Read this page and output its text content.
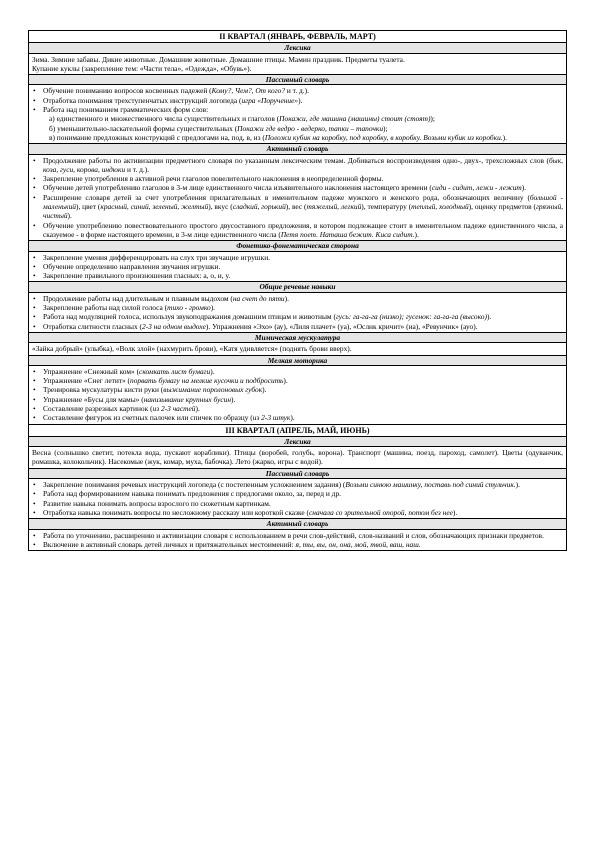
II КВАРТАЛ (ЯНВАРЬ, ФЕВРАЛЬ, МАРТ)
Лексика

Зима. Зимние забавы. Дикие животные. Домашние животные. Домашние птицы. Мамин праздник. Предметы туалета.
Купание куклы (закрепление тем: «Части тела», «Одежда», «Обувь»).

Пассивный словарь

• Обучение пониманию вопросов косвенных падежей (Кому?, Чем?, От кого? и т. д.).
• Отработка понимания трехступенчатых инструкций логопеда (игра «Поручение»).
• Работа над пониманием грамматических форм слов:
а) единственного и множественного числа существительных и глаголов (Покажи, где машина (машины) стоит (стоят));
б) уменьшительно-ласкательной формы существительных (Покажи где ведро - ведерко, тапки – тапочки);
в) понимание предложных конструкций с предлогами на, под, в, из (Положи кубик на коробку, под коробку, в коробку. Возьми кубик из коробки.).

Активный словарь

• Продолжение работы по активизации предметного словаря по указанным лексическим темам. Добиваться воспроизведения одно-, двух-, трехсложных слов (бык, коза, гуси, корова, индюки и т. д.).
• Закрепление употребления в активной речи глаголов повелительного наклонения в неопределенной формы.
• Обучение детей употреблению глаголов в 3-м лице единственного числа изъявительного наклонения настоящего времени (сиди - сидит, лежи - лежит).
• Расширение словаря детей за счет употребления прилагательных в именительном падеже мужского и женского рода, обозначающих величину (большой - маленький), цвет (красный, синий, зеленый, желтый), вкус (сладкий, горький), вес (тяжелый, легкий), температуру (теплый, холодный), оценку предметов (грязный, чистый).
• Обучение употреблению повествовательного простого двусоставного предложения, в котором подлежащее стоит в именительном падеже единственного числа, а сказуемое - в форме настоящего времени, в 3-м лице единственного числа (Петя поет. Наташа бежит. Киса сидит.).

Фонетико-фонематическая сторона

• Закрепление умения дифференцировать на слух три звучащие игрушки.
• Обучение определению направления звучания игрушки.
• Закрепление правильного произношения гласных: а, о, и, у.

Общие речевые навыки

• Продолжение работы над длительным и плавным выдохом (на счет до пяти).
• Закрепление работы над силой голоса (тихо - громко).
• Работа над модуляцией голоса, используя звукоподражания домашним птицам и животным (гусь: га-га-га (низко); гусенок: га-га-га (высоко)).
• Отработка слитности гласных (2-3 на одном выдохе). Упражнения «Эхо» (ау), «Лиля плачет» (уа), «Ослик кричит» (иа), «Ревунчик» (ауо).

Мимическая мускулатура

«Зайка добрый» (улыбка), «Волк злой» (нахмурить брови), «Катя удивляется» (поднять брови вверх).

Мелкая моторика

• Упражнение «Снежный ком» (скомкать лист бумаги).
• Упражнение «Снег летит» (порвать бумагу на мелкие кусочки и подбросить).
• Тренировка мускулатуры кисти руки (выжимание поролоновых губок).
• Упражнение «Бусы для мамы» (нанизывание крупных бусин).
• Составление разрезных картинок (из 2-3 частей).
• Составление фигурок из счетных палочек или спичек по образцу (из 2-3 штук).

III КВАРТАЛ (АПРЕЛЬ, МАЙ, ИЮНЬ)
Лексика

Весна (солнышко светит, потекла вода, пускают кораблики). Птицы (воробей, голубь, ворона). Транспорт (машина, поезд, пароход, самолет). Цветы (одуванчик, ромашка, колокольчик). Насекомые (жук, комар, муха, бабочка). Лето (жарко, игры с водой).

Пассивный словарь

• Закрепление понимания речевых инструкций логопеда (с постепенным усложнением задания) (Возьми синюю машинку, поставь под синий стульчик.).
• Работа над формированием навыка понимать предложения с предлогами около, за, перед и др.
• Развитие навыка понимать вопросы взрослого по сюжетным картинкам.
• Отработка навыка понимать вопросы по несложному рассказу или короткой сказке (сначала со зрительной опорой, потом без нее).

Активный словарь

• Работа по уточнению, расширению и активизации словаря с использованием в речи слов-действий, слов-названий и слов, обозначающих признаки предметов.
• Включение в активный словарь детей личных и притяжательных местоимений: я, ты, вы, он, она, мой, твой, ваш, наш.
